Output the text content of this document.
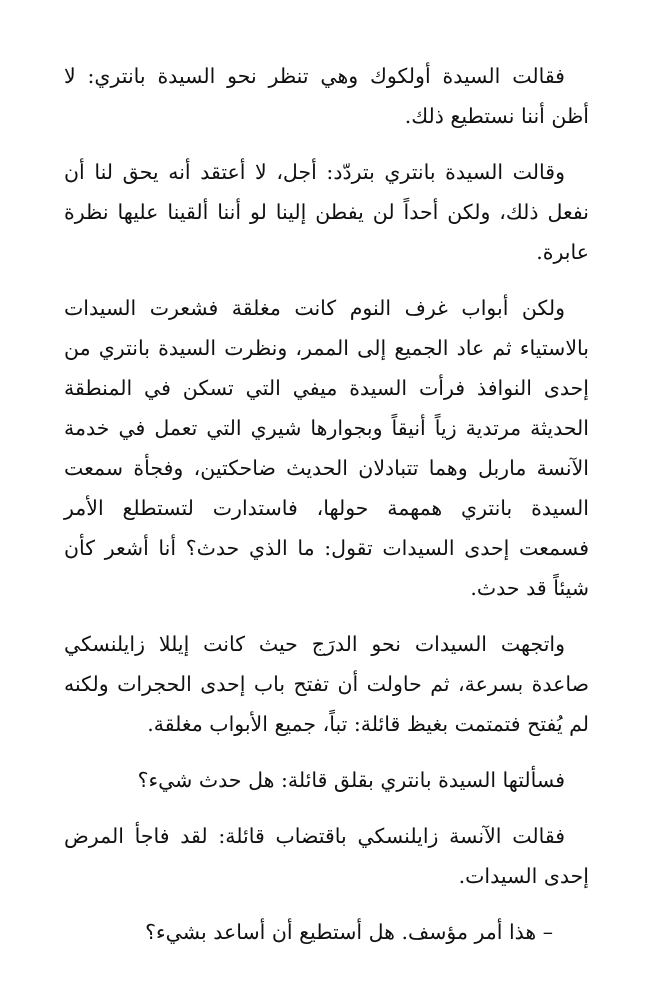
فقالت السيدة أولكوك وهي تنظر نحو السيدة بانتري: لا أظن أننا نستطيع ذلك.

وقالت السيدة بانتري بتردّد: أجل، لا أعتقد أنه يحق لنا أن نفعل ذلك، ولكن أحداً لن يفطن إلينا لو أننا ألقينا عليها نظرة عابرة.

ولكن أبواب غرف النوم كانت مغلقة فشعرت السيدات بالاستياء ثم عاد الجميع إلى الممر، ونظرت السيدة بانتري من إحدى النوافذ فرأت السيدة ميفي التي تسكن في المنطقة الحديثة مرتدية زياً أنيقاً وبجوارها شيري التي تعمل في خدمة الآنسة ماربل وهما تتبادلان الحديث ضاحكتين، وفجأة سمعت السيدة بانتري همهمة حولها، فاستدارت لتستطلع الأمر فسمعت إحدى السيدات تقول: ما الذي حدث؟ أنا أشعر كأن شيئاً قد حدث.

واتجهت السيدات نحو الدرَج حيث كانت إيللا زايلنسكي صاعدة بسرعة، ثم حاولت أن تفتح باب إحدى الحجرات ولكنه لم يُفتح فتمتمت بغيظ قائلة: تباً، جميع الأبواب مغلقة.

فسألتها السيدة بانتري بقلق قائلة: هل حدث شيء؟

فقالت الآنسة زايلنسكي باقتضاب قائلة: لقد فاجأ المرض إحدى السيدات.

– هذا أمر مؤسف. هل أستطيع أن أساعد بشيء؟
